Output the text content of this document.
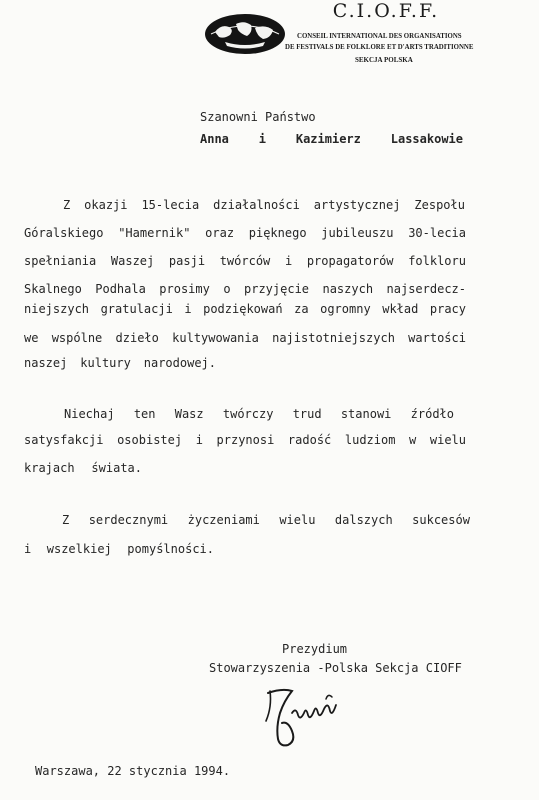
C.I.O.F.F.
CONSEIL INTERNATIONAL DES ORGANISATIONS
DE FESTIVALS DE FOLKLORE ET D'ARTS TRADITIONNE
SEKCJA POLSKA
Szanowni Państwo
Anna i Kazimierz Lassakowie
Z okazji 15-lecia działalności artystycznej Zespołu
Góralskiego "Hamernik" oraz pięknego jubileuszu 30-lecia
spełniania Waszej pasji twórców i propagatorów folkloru
Skalnego Podhala prosimy o przyjęcie naszych najserdecz-
niejszych gratulacji i podziękowań za ogromny wkład pracy
we wspólne dzieło kultywowania najistotniejszych wartości
naszej kultury narodowej.
Niechaj ten Wasz twórczy trud stanowi źródło
satysfakcji osobistej i przynosi radość ludziom w wielu
krajach świata.
Z serdecznymi życzeniami wielu dalszych sukcesów
i wszelkiej pomyślności.
Prezydium
Stowarzyszenia -Polska Sekcja CIOFF
Warszawa, 22 stycznia 1994.
